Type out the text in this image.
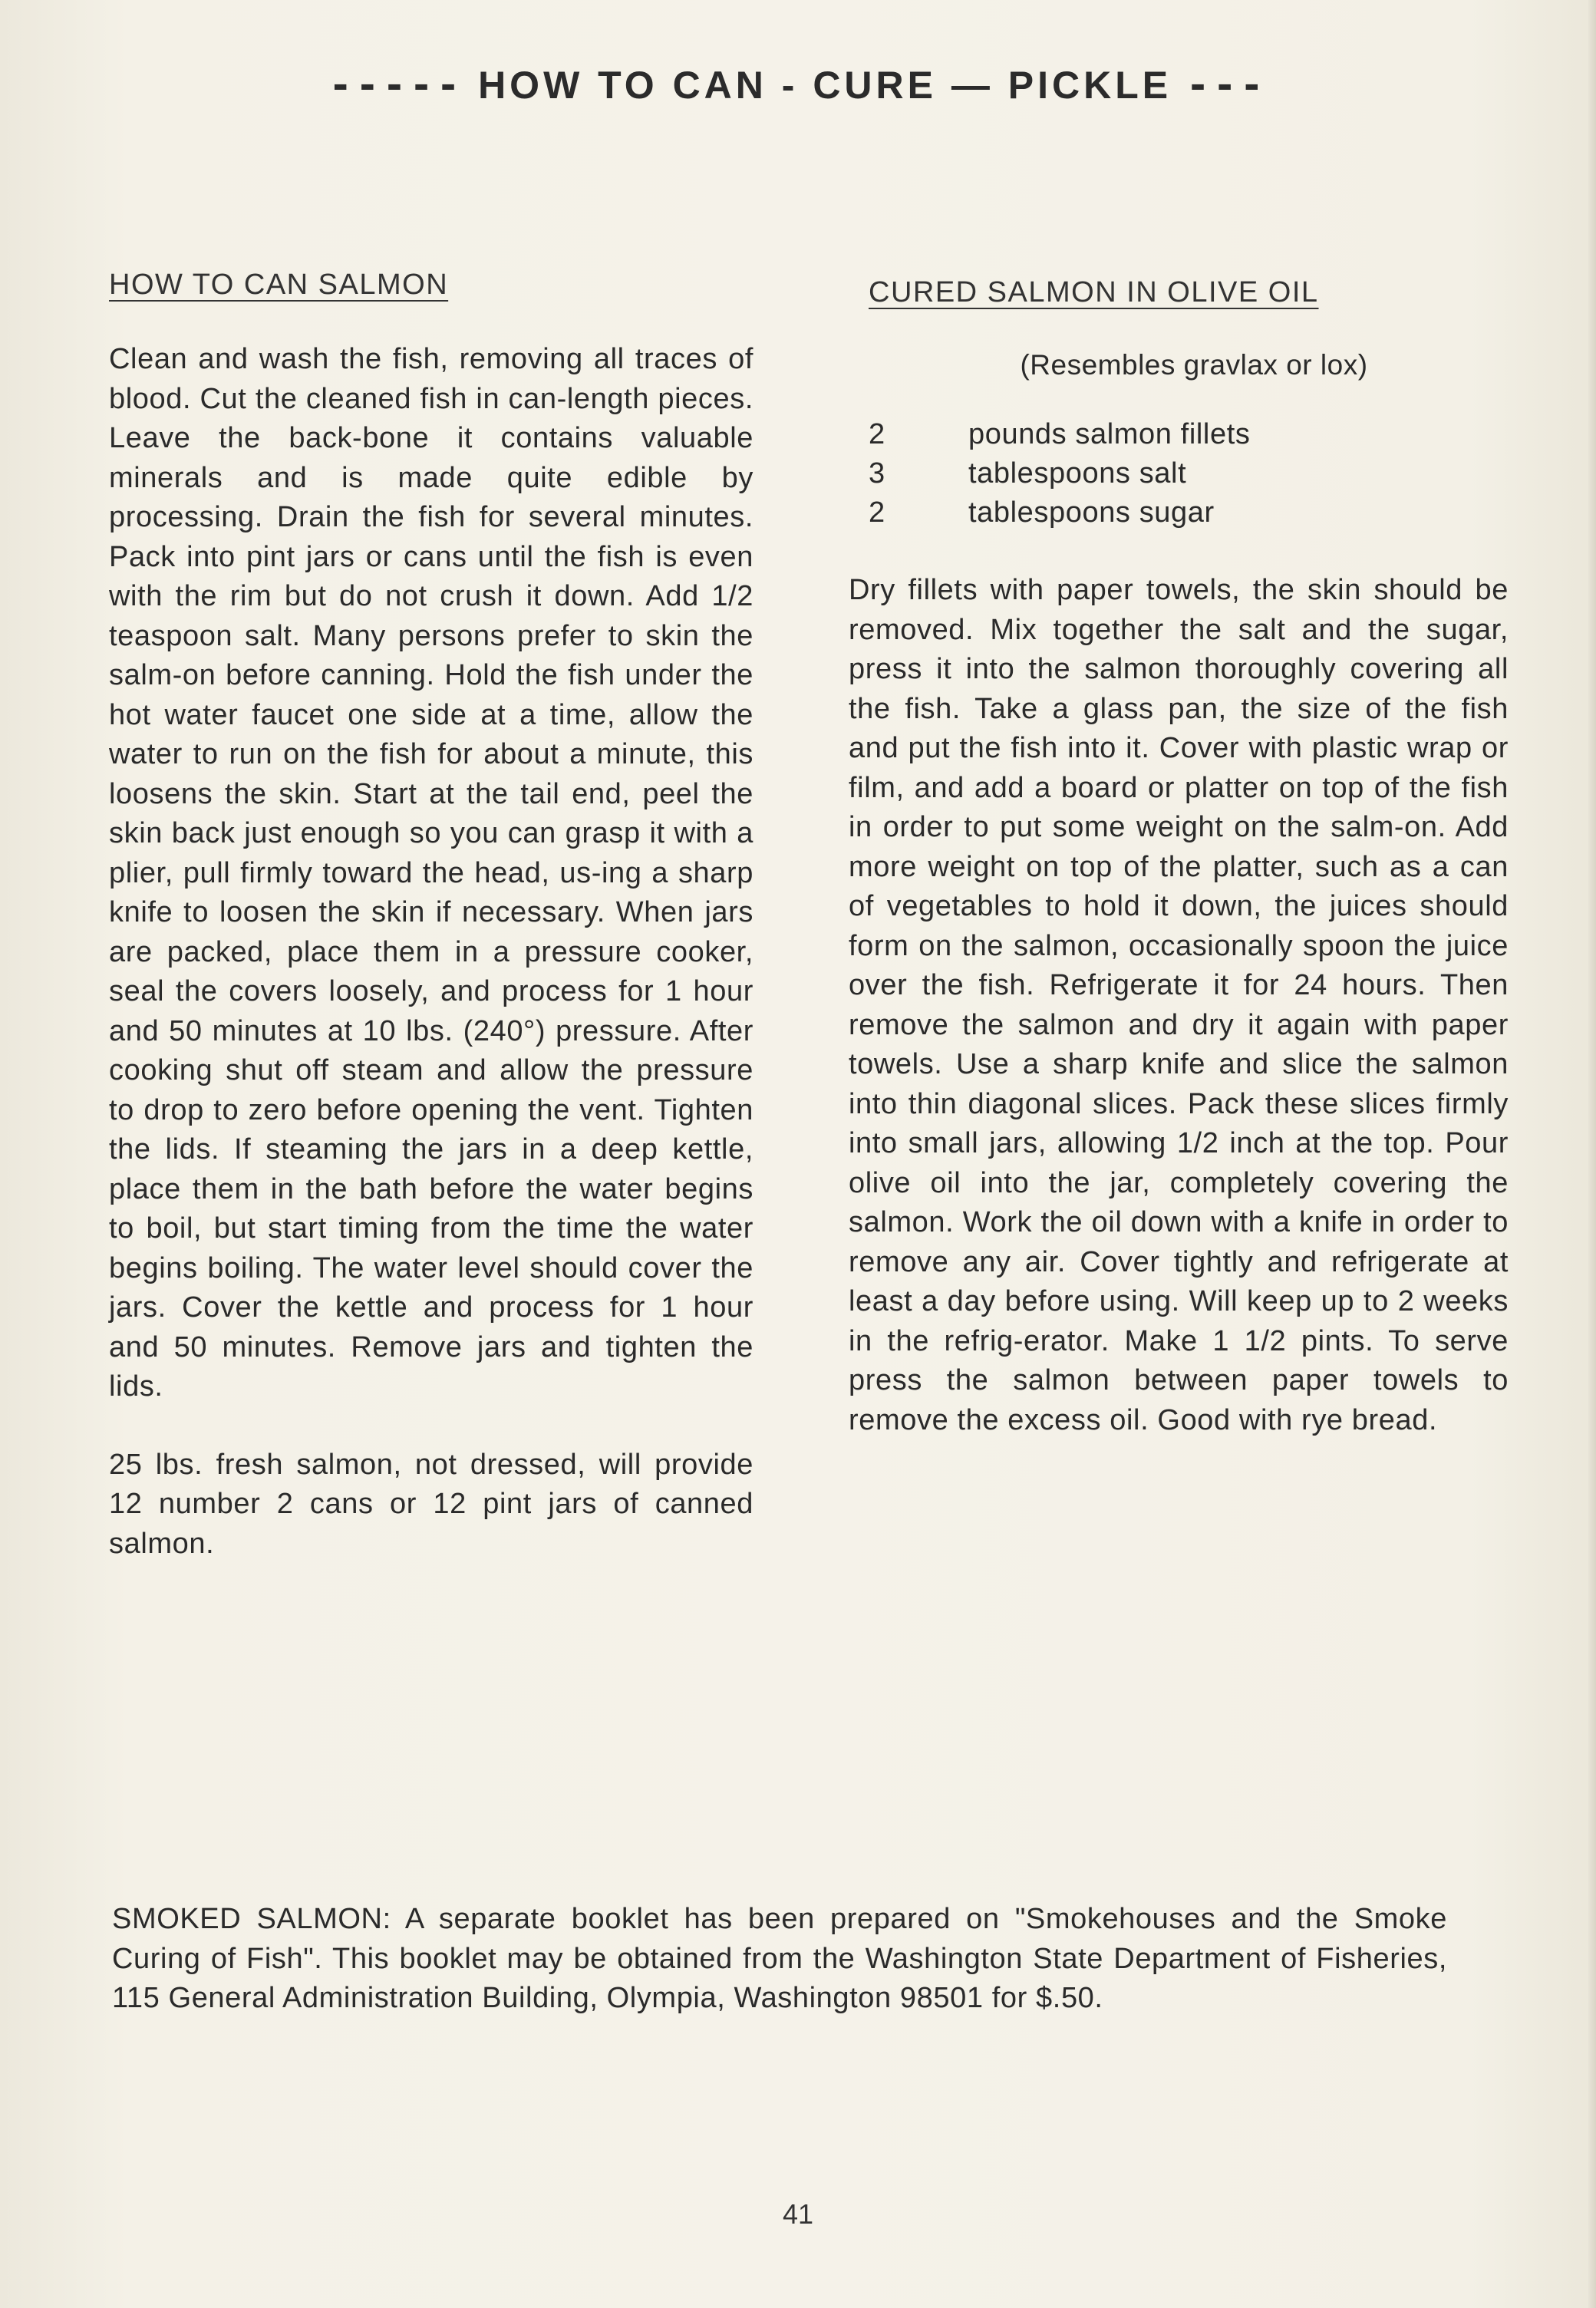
----- HOW TO CAN - CURE — PICKLE ---
HOW TO CAN SALMON

Clean and wash the fish, removing all traces of blood. Cut the cleaned fish in can-length pieces. Leave the back-bone it contains valuable minerals and is made quite edible by processing. Drain the fish for several minutes. Pack into pint jars or cans until the fish is even with the rim but do not crush it down. Add 1/2 teaspoon salt. Many persons prefer to skin the salm-on before canning. Hold the fish under the hot water faucet one side at a time, allow the water to run on the fish for about a minute, this loosens the skin. Start at the tail end, peel the skin back just enough so you can grasp it with a plier, pull firmly toward the head, us-ing a sharp knife to loosen the skin if necessary. When jars are packed, place them in a pressure cooker, seal the covers loosely, and process for 1 hour and 50 minutes at 10 lbs. (240°) pressure. After cooking shut off steam and allow the pressure to drop to zero before opening the vent. Tighten the lids. If steaming the jars in a deep kettle, place them in the bath before the water begins to boil, but start timing from the time the water begins boiling. The water level should cover the jars. Cover the kettle and process for 1 hour and 50 minutes. Remove jars and tighten the lids.

25 lbs. fresh salmon, not dressed, will provide 12 number 2 cans or 12 pint jars of canned salmon.

CURED SALMON IN OLIVE OIL
(Resembles gravlax or lox)
2	pounds salmon fillets
3	tablespoons salt
2	tablespoons sugar

Dry fillets with paper towels, the skin should be removed. Mix together the salt and the sugar, press it into the salmon thoroughly covering all the fish. Take a glass pan, the size of the fish and put the fish into it. Cover with plastic wrap or film, and add a board or platter on top of the fish in order to put some weight on the salm-on. Add more weight on top of the platter, such as a can of vegetables to hold it down, the juices should form on the salmon, occasionally spoon the juice over the fish. Refrigerate it for 24 hours. Then remove the salmon and dry it again with paper towels. Use a sharp knife and slice the salmon into thin diagonal slices. Pack these slices firmly into small jars, allowing 1/2 inch at the top. Pour olive oil into the jar, completely covering the salmon. Work the oil down with a knife in order to remove any air. Cover tightly and refrigerate at least a day before using. Will keep up to 2 weeks in the refrig-erator. Make 1 1/2 pints. To serve press the salmon between paper towels to remove the excess oil. Good with rye bread.

SMOKED SALMON: A separate booklet has been prepared on "Smokehouses and the Smoke Curing of Fish". This booklet may be obtained from the Washington State Department of Fisheries, 115 General Administration Building, Olympia, Washington 98501 for $.50.
41
